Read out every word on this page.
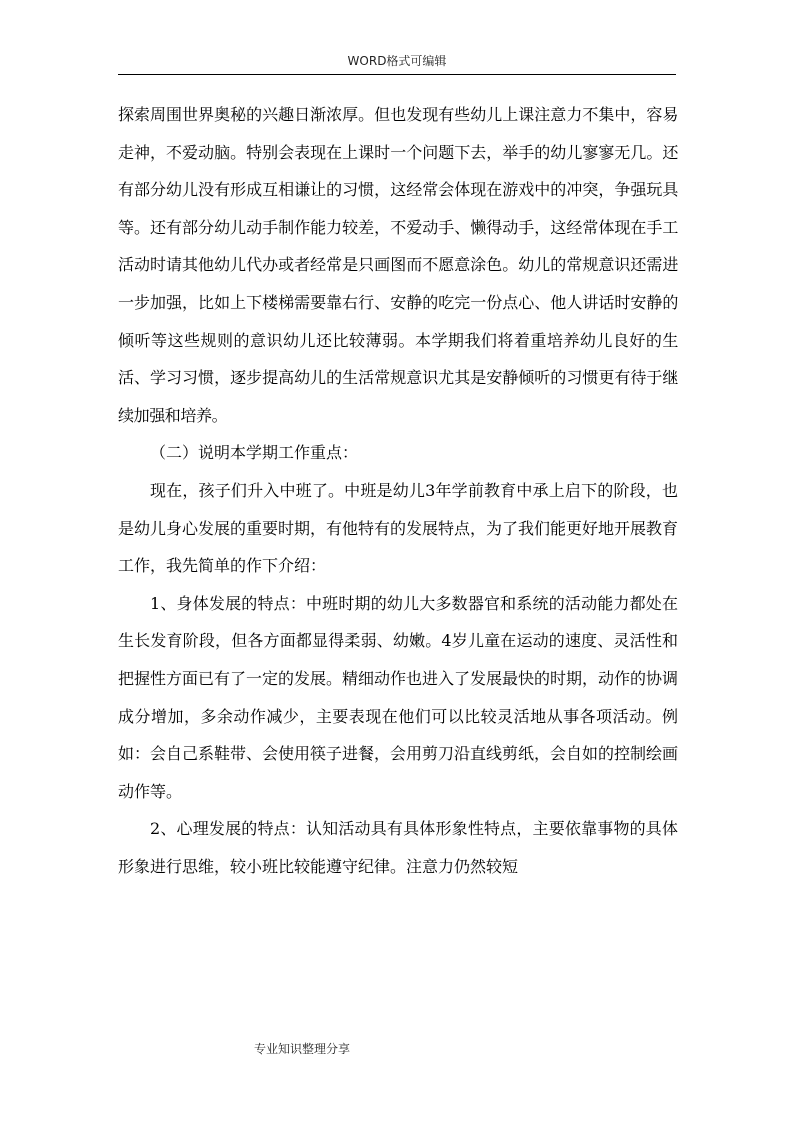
WORD格式可编辑

探索周围世界奥秘的兴趣日渐浓厚。但也发现有些幼儿上课注意力不集中，容易走神，不爱动脑。特别会表现在上课时一个问题下去，举手的幼儿寥寥无几。还有部分幼儿没有形成互相谦让的习惯，这经常会体现在游戏中的冲突，争强玩具等。还有部分幼儿动手制作能力较差，不爱动手、懒得动手，这经常体现在手工活动时请其他幼儿代办或者经常是只画图而不愿意涂色。幼儿的常规意识还需进一步加强，比如上下楼梯需要靠右行、安静的吃完一份点心、他人讲话时安静的倾听等这些规则的意识幼儿还比较薄弱。本学期我们将着重培养幼儿良好的生活、学习习惯，逐步提高幼儿的生活常规意识尤其是安静倾听的习惯更有待于继续加强和培养。

（二）说明本学期工作重点：

现在，孩子们升入中班了。中班是幼儿3年学前教育中承上启下的阶段，也是幼儿身心发展的重要时期，有他特有的发展特点，为了我们能更好地开展教育工作，我先简单的作下介绍：

1、身体发展的特点：中班时期的幼儿大多数器官和系统的活动能力都处在生长发育阶段，但各方面都显得柔弱、幼嫩。4岁儿童在运动的速度、灵活性和把握性方面已有了一定的发展。精细动作也进入了发展最快的时期，动作的协调成分增加，多余动作减少，主要表现在他们可以比较灵活地从事各项活动。例如：会自己系鞋带、会使用筷子进餐，会用剪刀沿直线剪纸，会自如的控制绘画动作等。

2、心理发展的特点：认知活动具有具体形象性特点，主要依靠事物的具体形象进行思维，较小班比较能遵守纪律。注意力仍然较短

专业知识整理分享
